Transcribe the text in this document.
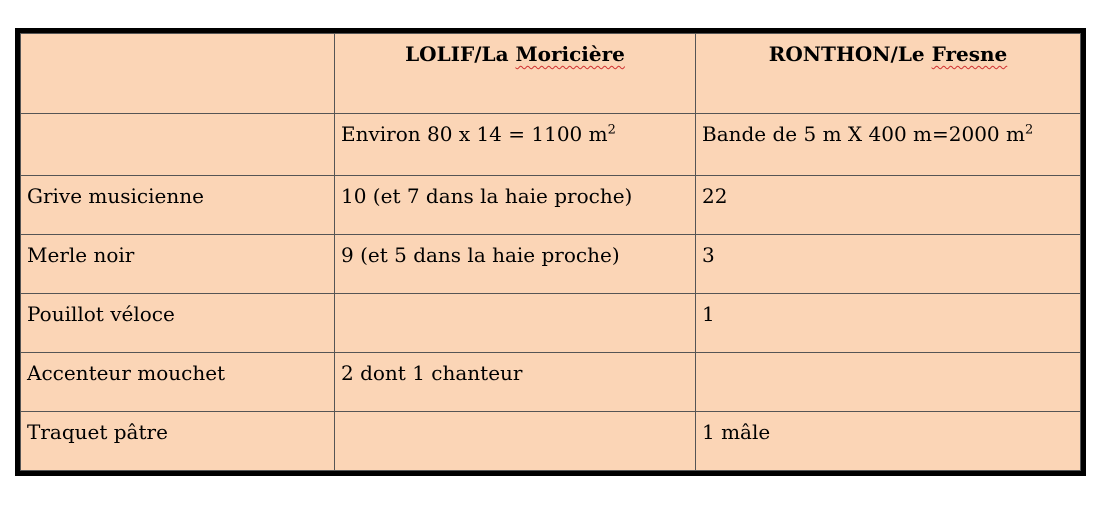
	LOLIF/La Moricière	RONTHON/Le Fresne
	Environ 80 x 14 = 1100 $m^2$	Bande de 5 m X 400 m=2000 $m^2$
Grive musicienne	10 (et 7 dans la haie proche)	22
Merle noir	9 (et 5 dans la haie proche)	3
Pouillot véloce		1
Accenteur mouchet	2 dont 1 chanteur	
Traquet pâtre		1 mâle
